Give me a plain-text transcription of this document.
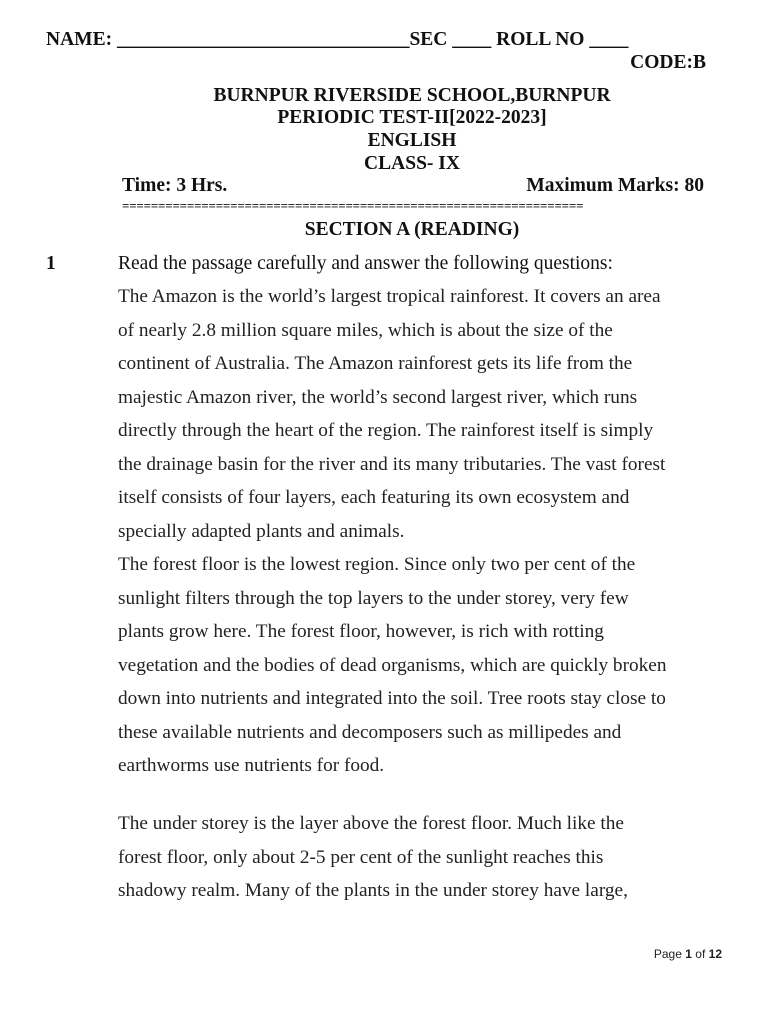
NAME: ______________________________SEC ____ ROLL NO ____
CODE:B
BURNPUR RIVERSIDE SCHOOL,BURNPUR
PERIODIC TEST-II[2022-2023]
ENGLISH
CLASS- IX
Time: 3 Hrs.	Maximum Marks: 80
================================================================
SECTION A (READING)
1	Read the passage carefully and answer the following questions:
The Amazon is the world’s largest tropical rainforest. It covers an area
of nearly 2.8 million square miles, which is about the size of the
continent of Australia. The Amazon rainforest gets its life from the
majestic Amazon river, the world’s second largest river, which runs
directly through the heart of the region. The rainforest itself is simply
the drainage basin for the river and its many tributaries. The vast forest
itself consists of four layers, each featuring its own ecosystem and
specially adapted plants and animals.
The forest floor is the lowest region. Since only two per cent of the
sunlight filters through the top layers to the under storey, very few
plants grow here. The forest floor, however, is rich with rotting
vegetation and the bodies of dead organisms, which are quickly broken
down into nutrients and integrated into the soil. Tree roots stay close to
these available nutrients and decomposers such as millipedes and
earthworms use nutrients for food.
The under storey is the layer above the forest floor. Much like the
forest floor, only about 2-5 per cent of the sunlight reaches this
shadowy realm. Many of the plants in the under storey have large,
Page 1 of 12
